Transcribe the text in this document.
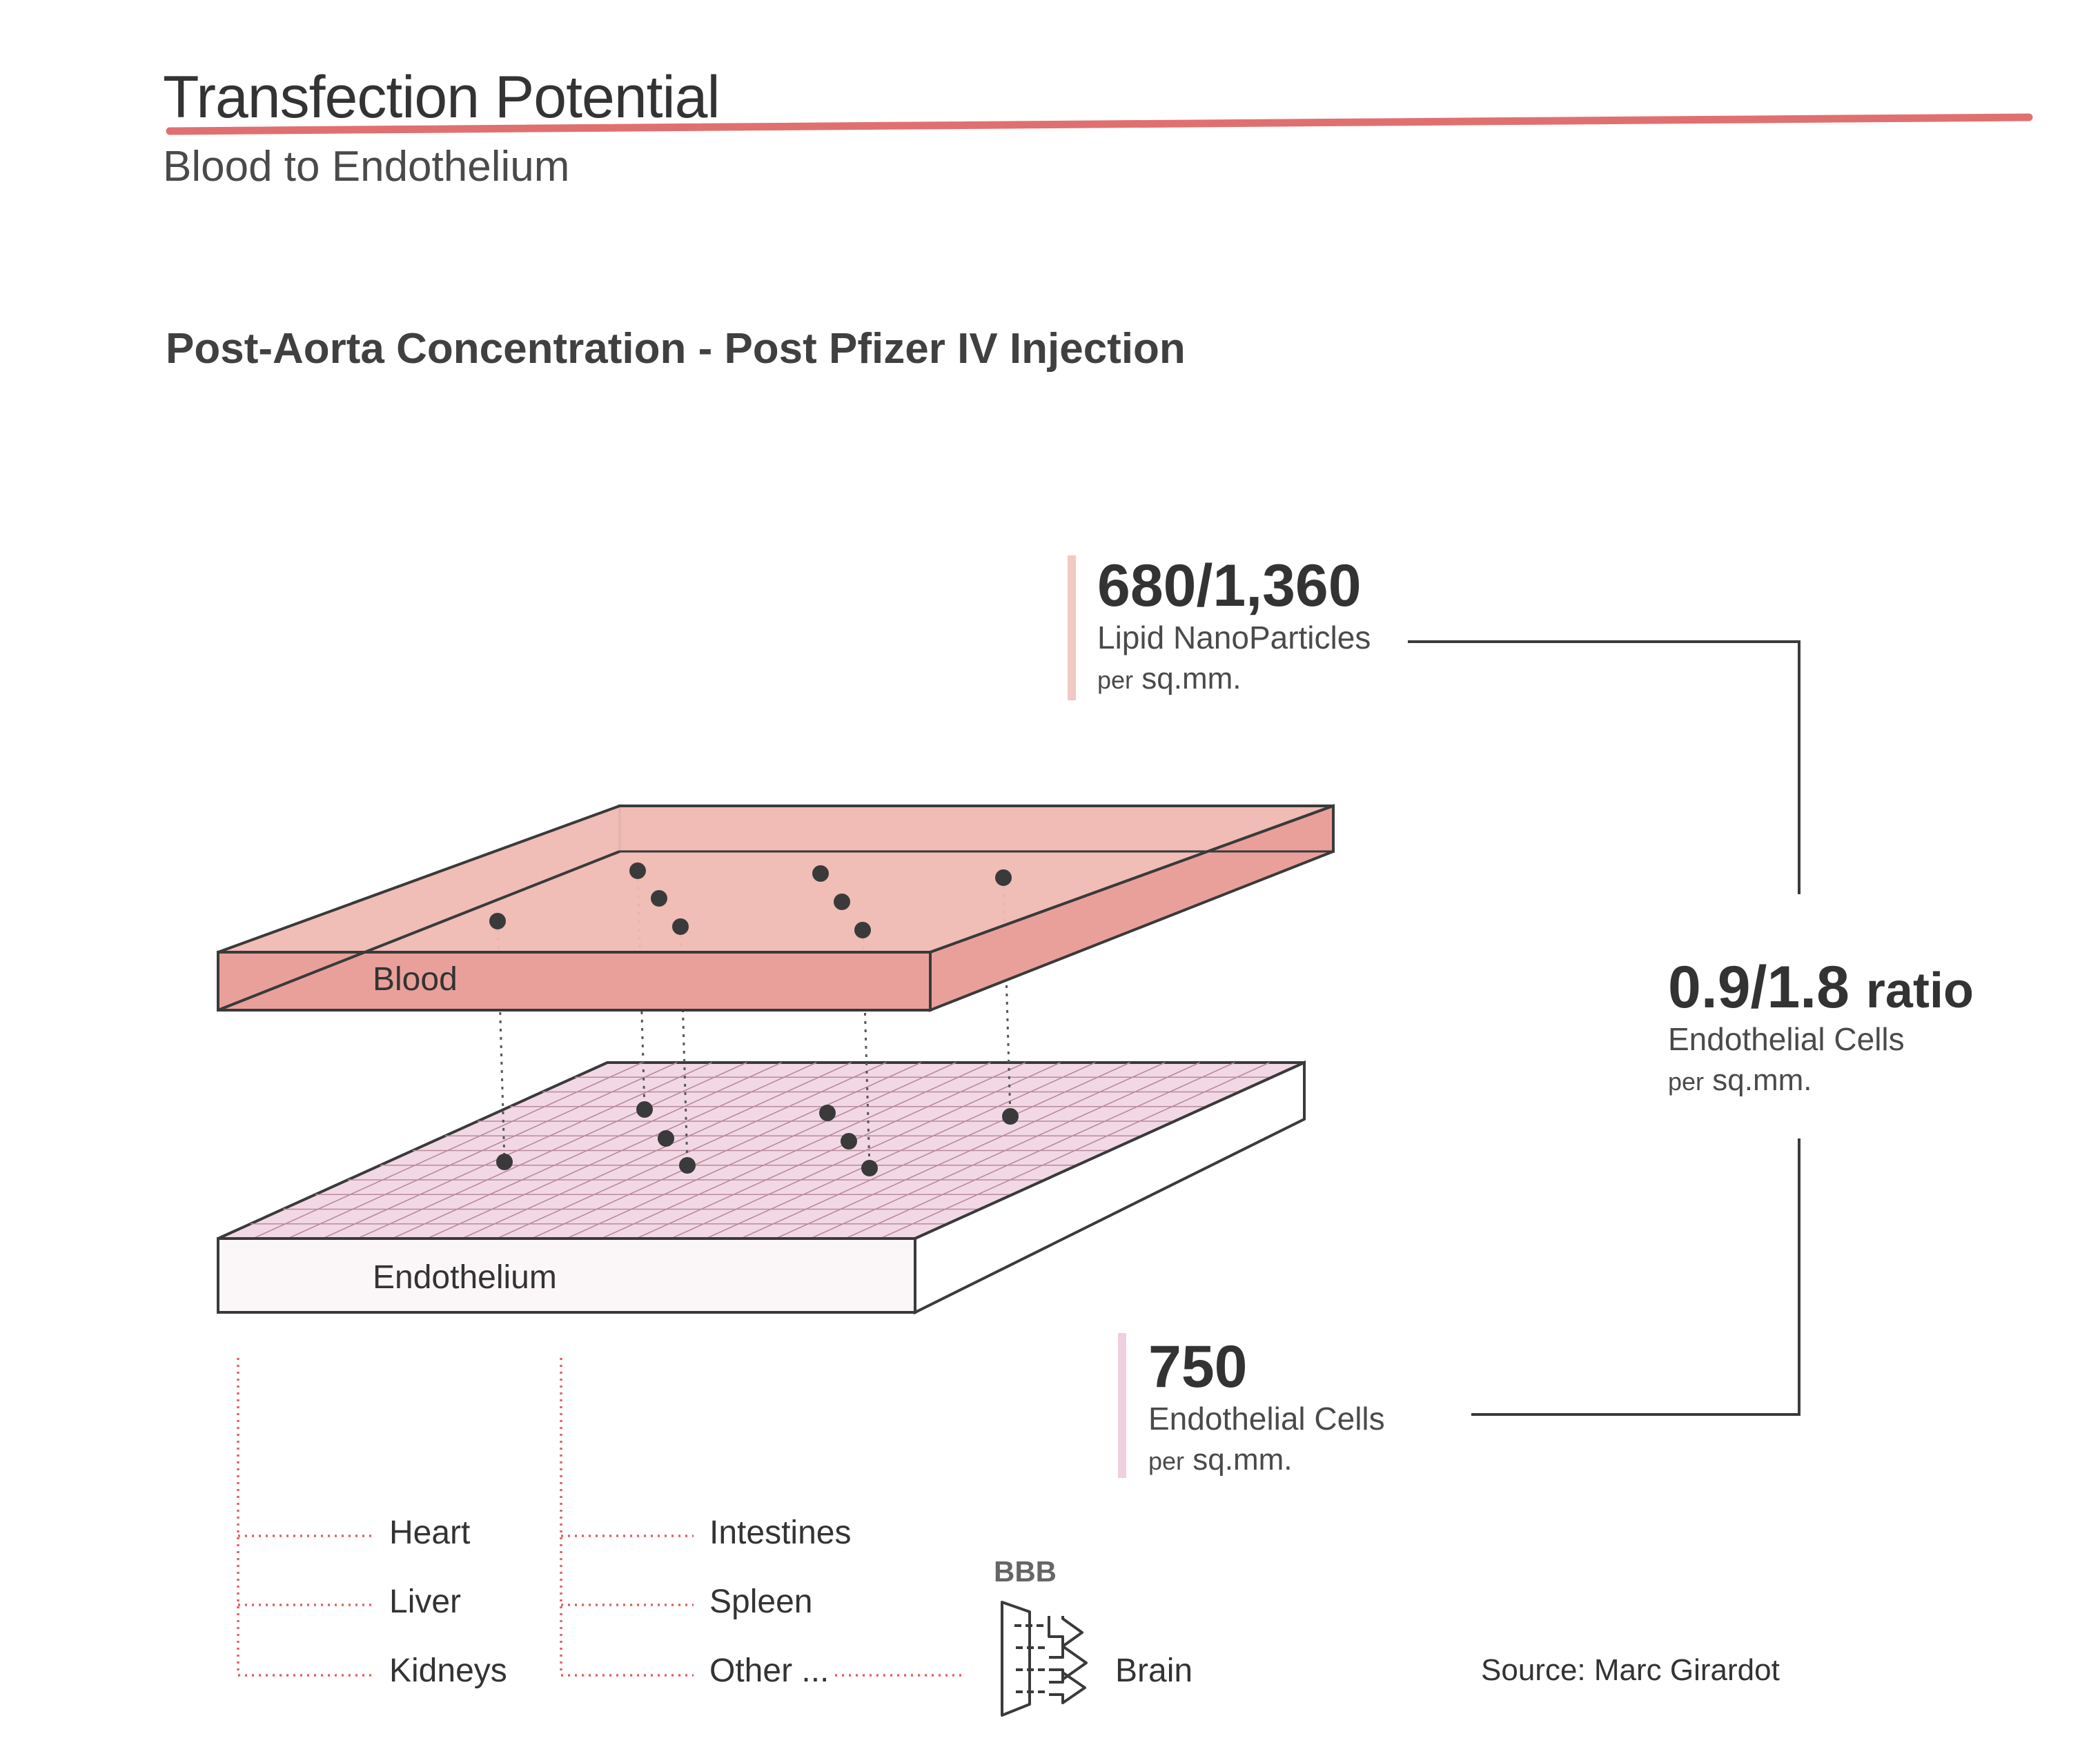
Transfection Potential
Blood to Endothelium
Post-Aorta Concentration - Post Pfizer IV Injection
Blood
Endothelium
680/1,360
Lipid NanoParticles
per sq.mm.
0.9/1.8 ratio
Endothelial Cells
per sq.mm.
750
Endothelial Cells
per sq.mm.
Heart
Liver
Kidneys
Intestines
Spleen
Other ...
BBB
Brain	Source: Marc Girardot
